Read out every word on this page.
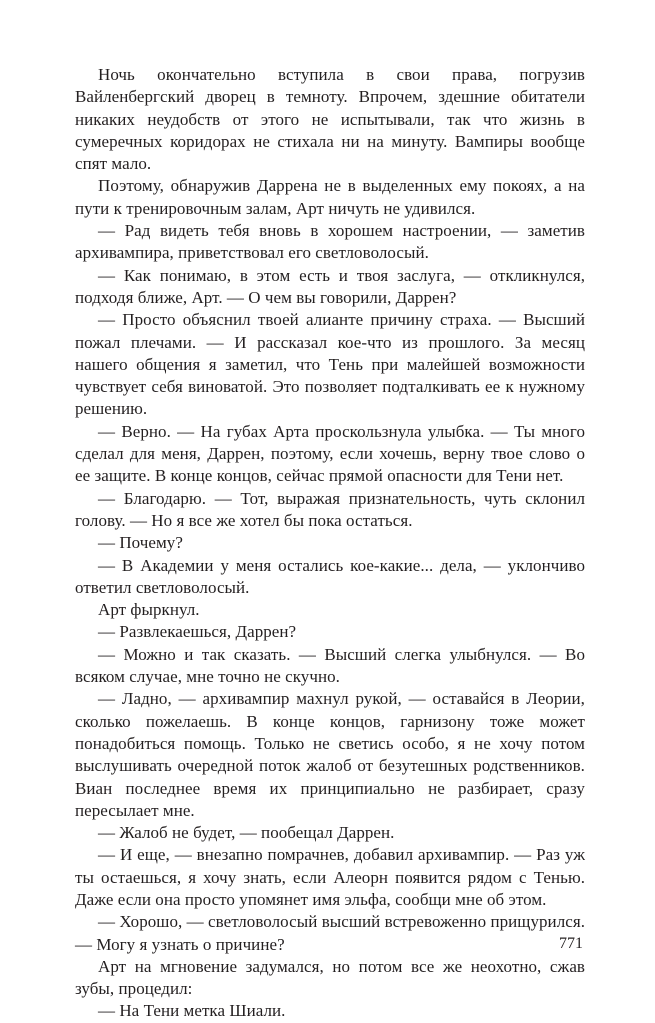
Ночь окончательно вступила в свои права, погрузив Вайленбергский дворец в темноту. Впрочем, здешние обитатели никаких неудобств от этого не испытывали, так что жизнь в сумеречных коридорах не стихала ни на минуту. Вампиры вообще спят мало.

Поэтому, обнаружив Даррена не в выделенных ему покоях, а на пути к тренировочным залам, Арт ничуть не удивился.

— Рад видеть тебя вновь в хорошем настроении, — заметив архивампира, приветствовал его светловолосый.

— Как понимаю, в этом есть и твоя заслуга, — откликнулся, подходя ближе, Арт. — О чем вы говорили, Даррен?

— Просто объяснил твоей алианте причину страха. — Высший пожал плечами. — И рассказал кое-что из прошлого. За месяц нашего общения я заметил, что Тень при малейшей возможности чувствует себя виноватой. Это позволяет подталкивать ее к нужному решению.

— Верно. — На губах Арта проскользнула улыбка. — Ты много сделал для меня, Даррен, поэтому, если хочешь, верну твое слово о ее защите. В конце концов, сейчас прямой опасности для Тени нет.

— Благодарю. — Тот, выражая признательность, чуть склонил голову. — Но я все же хотел бы пока остаться.

— Почему?

— В Академии у меня остались кое-какие... дела, — уклончиво ответил светловолосый.

Арт фыркнул.

— Развлекаешься, Даррен?

— Можно и так сказать. — Высший слегка улыбнулся. — Во всяком случае, мне точно не скучно.

— Ладно, — архивампир махнул рукой, — оставайся в Леории, сколько пожелаешь. В конце концов, гарнизону тоже может понадобиться помощь. Только не светись особо, я не хочу потом выслушивать очередной поток жалоб от безутешных родственников. Виан последнее время их принципиально не разбирает, сразу пересылает мне.

— Жалоб не будет, — пообещал Даррен.

— И еще, — внезапно помрачнев, добавил архивампир. — Раз уж ты остаешься, я хочу знать, если Алеорн появится рядом с Тенью. Даже если она просто упомянет имя эльфа, сообщи мне об этом.

— Хорошо, — светловолосый высший встревоженно прищурился. — Могу я узнать о причине?

Арт на мгновение задумался, но потом все же неохотно, сжав зубы, процедил:

— На Тени метка Шиали.

771
